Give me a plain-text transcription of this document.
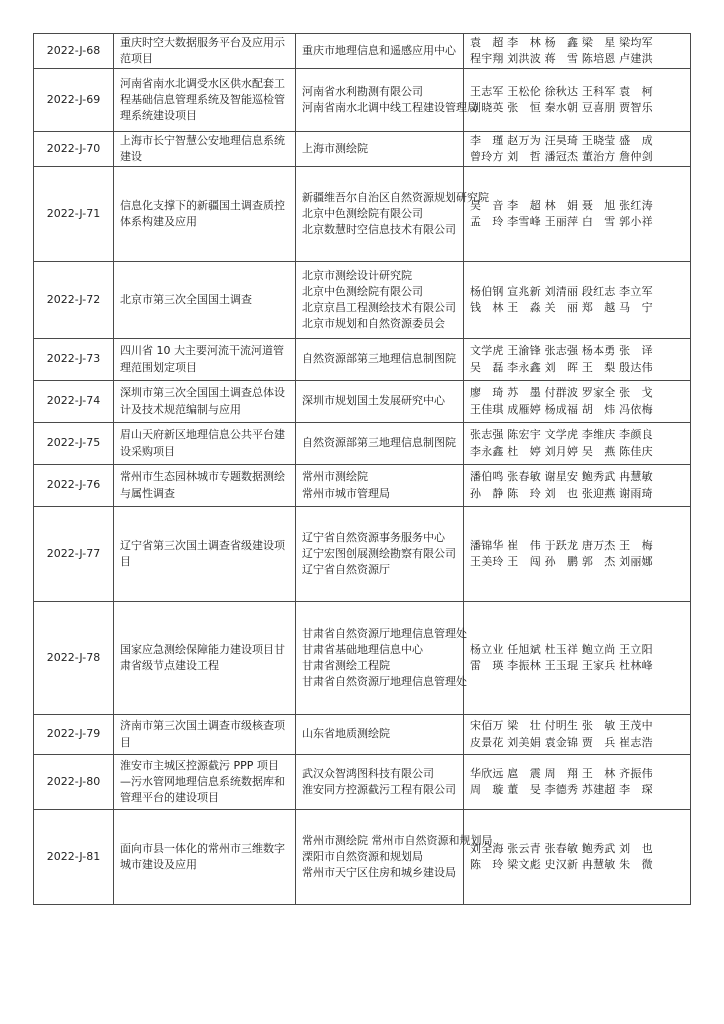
2022-J-68	重庆时空大数据服务平台及应用示范项目	重庆市地理信息和遥感应用中心	袁　超 李　林 杨　鑫 梁　星 梁均军
程宇翔 刘洪波 蒋　雪 陈培恩 卢建洪

2022-J-69	河南省南水北调受水区供水配套工程基础信息管理系统及智能巡检管理系统建设项目	河南省水利勘测有限公司
河南省南水北调中线工程建设管理局	王志军 王松伦 徐秋达 王科军 袁　柯
刘晓英 张　恒 秦水朝 豆喜朋 贾智乐

2022-J-70	上海市长宁智慧公安地理信息系统建设	上海市测绘院	李　瑾 赵万为 汪昊琦 王晓莹 盛　成
曾玲方 刘　哲 潘冠杰 董治方 詹仲剑

2022-J-71	信息化支撑下的新疆国土调查质控体系构建及应用	新疆维吾尔自治区自然资源规划研究院
北京中色测绘院有限公司
北京数慧时空信息技术有限公司	吴　音 李　超 林　娟 聂　旭 张红涛
孟　玲 李雪峰 王丽萍 白　雪 郭小祥

2022-J-72	北京市第三次全国国土调查	北京市测绘设计研究院
北京中色测绘院有限公司
北京京昌工程测绘技术有限公司
北京市规划和自然资源委员会	杨伯钢 宣兆新 刘清丽 段红志 李立军
钱　林 王　淼 关　丽 郑　越 马　宁

2022-J-73	四川省 10 大主要河流干流河道管理范围划定项目	自然资源部第三地理信息制图院	文学虎 王渝锋 张志强 杨本勇 张　译
吴　磊 李永鑫 刘　晖 王　梨 殷达伟

2022-J-74	深圳市第三次全国国土调查总体设计及技术规范编制与应用	深圳市规划国土发展研究中心	廖　琦 苏　墨 付群波 罗家全 张　戈
王佳琪 成雁婷 杨成福 胡　炜 冯依梅

2022-J-75	眉山天府新区地理信息公共平台建设采购项目	自然资源部第三地理信息制图院	张志强 陈宏宇 文学虎 李维庆 李颜良
李永鑫 杜　婷 刘月婷 吴　燕 陈佳庆

2022-J-76	常州市生态园林城市专题数据测绘与属性调查	常州市测绘院
常州市城市管理局	潘伯鸣 张春敏 谢星安 鲍秀武 冉慧敏
孙　静 陈　玲 刘　也 张迎燕 谢雨琦

2022-J-77	辽宁省第三次国土调查省级建设项目	辽宁省自然资源事务服务中心
辽宁宏图创展测绘勘察有限公司
辽宁省自然资源厅	潘锦华 崔　伟 于跃龙 唐万杰 王　梅
王美玲 王　闯 孙　鹏 郭　杰 刘丽娜

2022-J-78	国家应急测绘保障能力建设项目甘肃省级节点建设工程	甘肃省自然资源厅地理信息管理处
甘肃省基础地理信息中心
甘肃省测绘工程院
甘肃省自然资源厅地理信息管理处	杨立业 任旭斌 杜玉祥 鲍立尚 王立阳
雷　瑛 李振林 王玉琨 王家兵 杜林峰

2022-J-79	济南市第三次国土调查市级核查项目	山东省地质测绘院	宋佰万 梁　壮 付明生 张　敏 王茂中
皮景花 刘美娟 袁金锦 贾　兵 崔志浩

2022-J-80	淮安市主城区控源截污 PPP 项目—污水管网地理信息系统数据库和管理平台的建设项目	武汉众智鸿图科技有限公司
淮安同方控源截污工程有限公司	华欣远 扈　震 周　翔 王　林 齐振伟
周　璇 董　旻 李德秀 苏建超 李　琛

2022-J-81	面向市县一体化的常州市三维数字城市建设及应用	常州市测绘院 常州市自然资源和规划局
溧阳市自然资源和规划局
常州市天宁区住房和城乡建设局	刘全海 张云青 张春敏 鲍秀武 刘　也
陈　玲 梁文彪 史汉新 冉慧敏 朱　微
